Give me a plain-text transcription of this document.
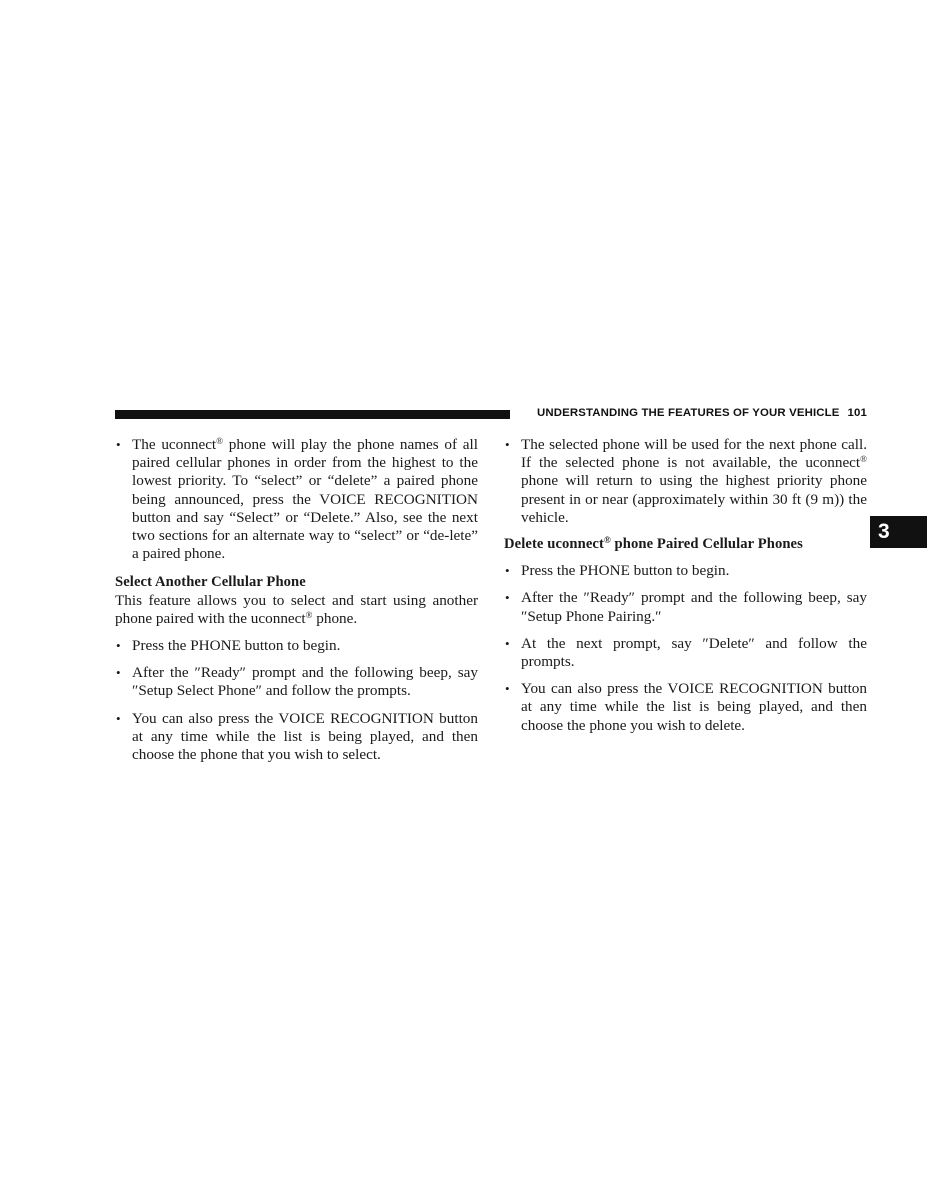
UNDERSTANDING THE FEATURES OF YOUR VEHICLE 101
3
• The uconnect® phone will play the phone names of all paired cellular phones in order from the highest to the lowest priority. To “select” or “delete” a paired phone being announced, press the VOICE RECOGNITION button and say “Select” or “Delete.” Also, see the next two sections for an alternate way to “select” or “de-lete” a paired phone.
Select Another Cellular Phone
This feature allows you to select and start using another phone paired with the uconnect® phone.
• Press the PHONE button to begin.
• After the ″Ready″ prompt and the following beep, say ″Setup Select Phone″ and follow the prompts.
• You can also press the VOICE RECOGNITION button at any time while the list is being played, and then choose the phone that you wish to select.
• The selected phone will be used for the next phone call. If the selected phone is not available, the uconnect® phone will return to using the highest priority phone present in or near (approximately within 30 ft (9 m)) the vehicle.
Delete uconnect® phone Paired Cellular Phones
• Press the PHONE button to begin.
• After the ″Ready″ prompt and the following beep, say ″Setup Phone Pairing.″
• At the next prompt, say ″Delete″ and follow the prompts.
• You can also press the VOICE RECOGNITION button at any time while the list is being played, and then choose the phone you wish to delete.
